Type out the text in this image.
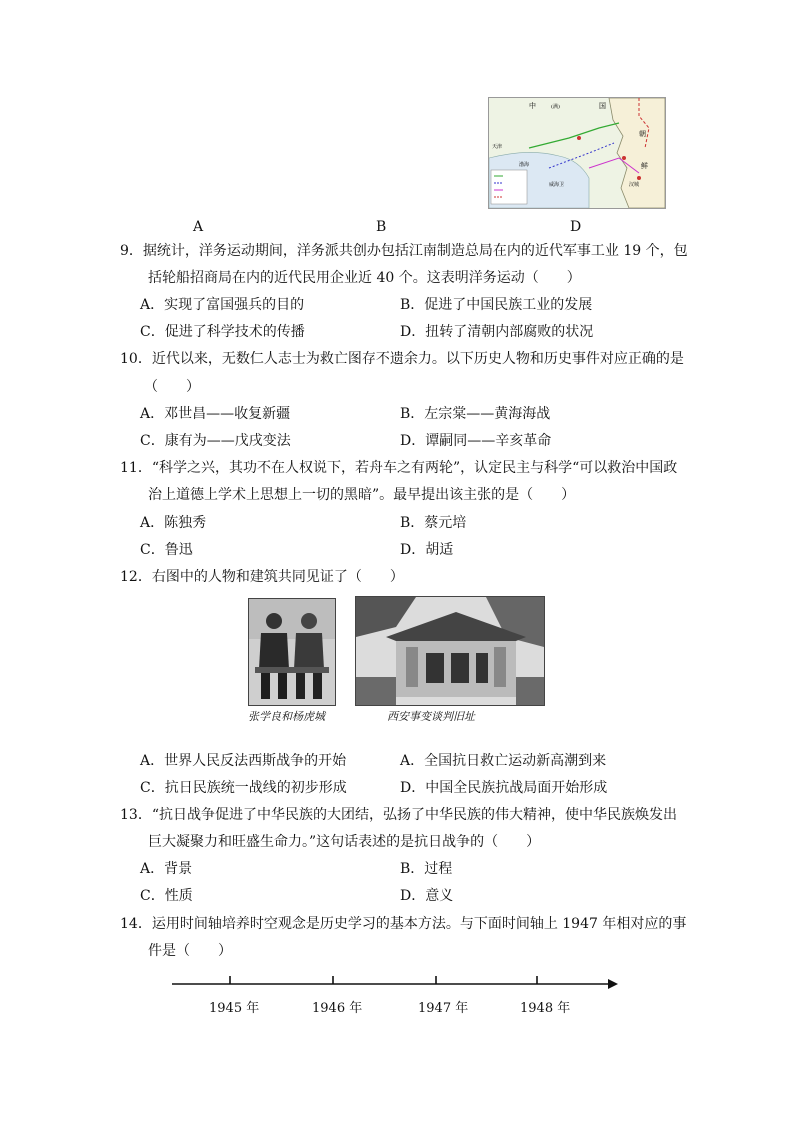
A	B	D
中	(满)	国
朝
天津
渤海
威海卫
鲜
汉城
9．据统计，洋务运动期间，洋务派共创办包括江南制造总局在内的近代军事工业 19 个，包
括轮船招商局在内的近代民用企业近 40 个。这表明洋务运动（　　）
A．实现了富国强兵的目的	B．促进了中国民族工业的发展
C．促进了科学技术的传播	D．扭转了清朝内部腐败的状况
10．近代以来，无数仁人志士为救亡图存不遗余力。以下历史人物和历史事件对应正确的是
（　　）
A．邓世昌——收复新疆	B．左宗棠——黄海海战
C．康有为——戊戌变法	D．谭嗣同——辛亥革命
11．“科学之兴，其功不在人权说下，若舟车之有两轮”，认定民主与科学“可以救治中国政
治上道德上学术上思想上一切的黑暗”。最早提出该主张的是（　　）
A．陈独秀	B．蔡元培
C．鲁迅	D．胡适
12．右图中的人物和建筑共同见证了（　　）
张学良和杨虎城	西安事变谈判旧址
A．世界人民反法西斯战争的开始	A．全国抗日救亡运动新高潮到来
C．抗日民族统一战线的初步形成	D．中国全民族抗战局面开始形成
13．“抗日战争促进了中华民族的大团结，弘扬了中华民族的伟大精神，使中华民族焕发出
巨大凝聚力和旺盛生命力。”这句话表述的是抗日战争的（　　）
A．背景	B．过程
C．性质	D．意义
14．运用时间轴培养时空观念是历史学习的基本方法。与下面时间轴上 1947 年相对应的事
件是（　　）
1945 年	1946 年	1947 年	1948 年
